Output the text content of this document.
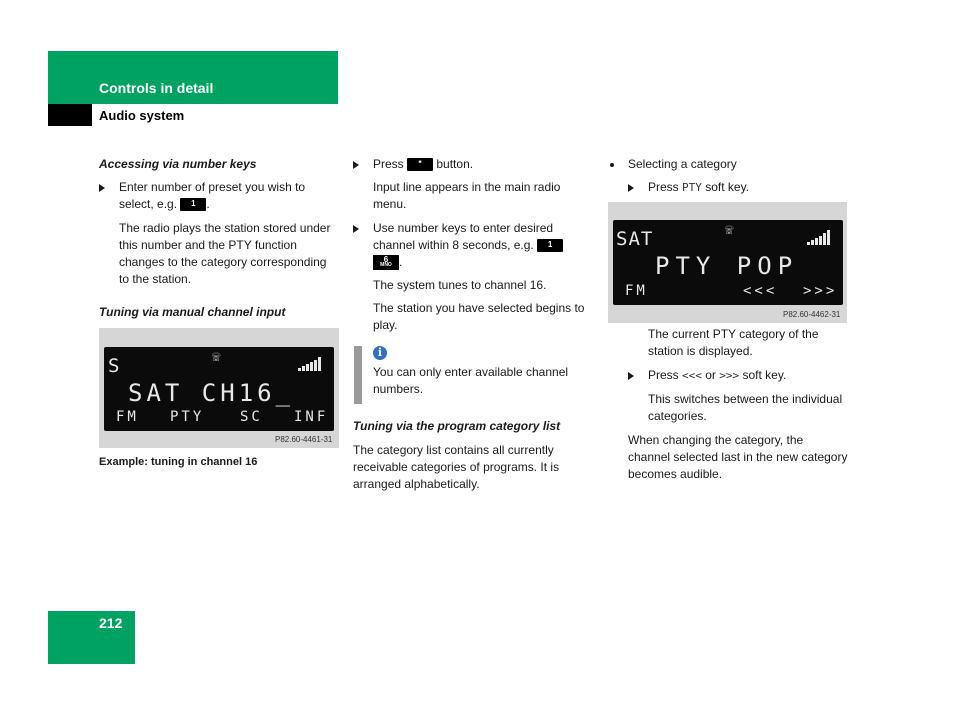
Controls in detail
Audio system
Accessing via number keys
Enter number of preset you wish to select, e.g. 1 .
The radio plays the station stored under this number and the PTY function changes to the category corresponding to the station.
Tuning via manual channel input
S	☏
SAT CH16_
FM PTY	SC INF
P82.60-4461-31
Example: tuning in channel 16
Press * button.
Input line appears in the main radio menu.
Use number keys to enter desired channel within 8 seconds, e.g. 1
6
MNO .
The system tunes to channel 16.
The station you have selected begins to play.
i
You can only enter available channel numbers.
Tuning via the program category list
The category list contains all currently receivable categories of programs. It is arranged alphabetically.
Selecting a category
Press PTY soft key.
SAT	☏
PTY POP
FM	<<< >>>
P82.60-4462-31
The current PTY category of the station is displayed.
Press <<< or >>> soft key.
This switches between the individual categories.
When changing the category, the channel selected last in the new category becomes audible.
212
